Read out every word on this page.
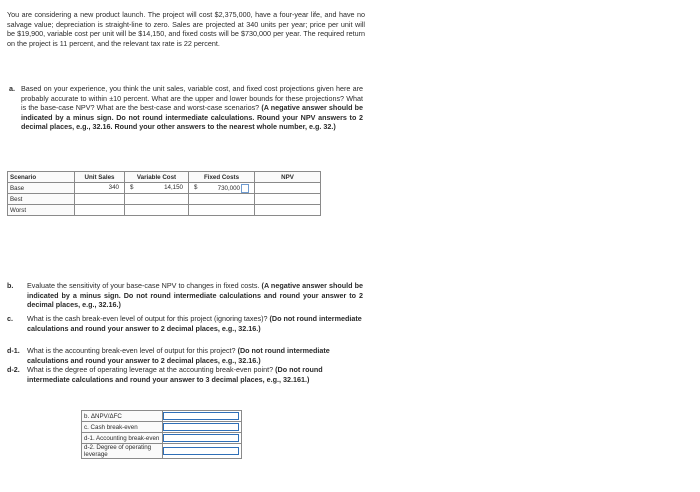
You are considering a new product launch. The project will cost $2,375,000, have a four-year life, and have no salvage value; depreciation is straight-line to zero. Sales are projected at 340 units per year; price per unit will be $19,900, variable cost per unit will be $14,150, and fixed costs will be $730,000 per year. The required return on the project is 11 percent, and the relevant tax rate is 22 percent.
a. Based on your experience, you think the unit sales, variable cost, and fixed cost projections given here are probably accurate to within ±10 percent. What are the upper and lower bounds for these projections? What is the base-case NPV? What are the best-case and worst-case scenarios? (A negative answer should be indicated by a minus sign. Do not round intermediate calculations. Round your NPV answers to 2 decimal places, e.g., 32.16. Round your other answers to the nearest whole number, e.g. 32.)
Scenario	Unit Sales	Variable Cost	Fixed Costs	NPV
Base	340	$ 14,150	$ 730,000	

Best				
Worst				
b. Evaluate the sensitivity of your base-case NPV to changes in fixed costs. (A negative answer should be indicated by a minus sign. Do not round intermediate calculations and round your answer to 2 decimal places, e.g., 32.16.)
c. What is the cash break-even level of output for this project (ignoring taxes)? (Do not round intermediate calculations and round your answer to 2 decimal places, e.g., 32.16.)
d-1. What is the accounting break-even level of output for this project? (Do not round intermediate calculations and round your answer to 2 decimal places, e.g., 32.16.)
d-2. What is the degree of operating leverage at the accounting break-even point? (Do not round intermediate calculations and round your answer to 3 decimal places, e.g., 32.161.)
b. ΔNPV/ΔFC	

c. Cash break-even	

d-1. Accounting break-even	

d-2. Degree of operating leverage	
